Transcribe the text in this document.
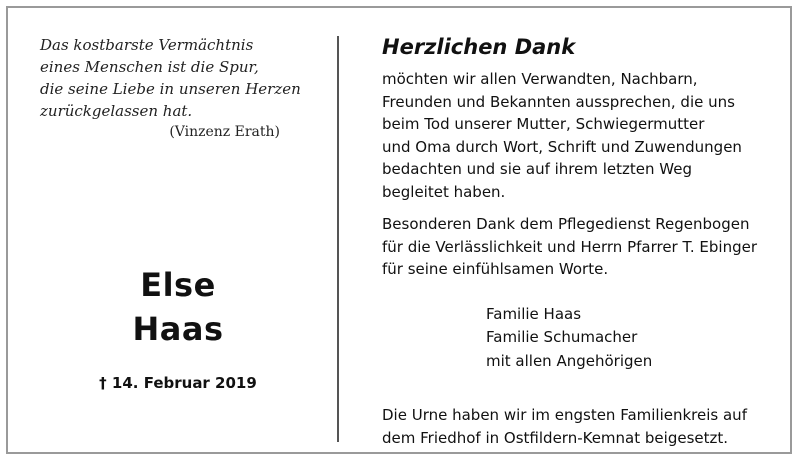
Das kostbarste Vermächtnis
eines Menschen ist die Spur,
die seine Liebe in unseren Herzen
zurückgelassen hat.
(Vinzenz Erath)
Else
Haas
† 14. Februar 2019
Herzlichen Dank

möchten wir allen Verwandten, Nachbarn,
Freunden und Bekannten aussprechen, die uns
beim Tod unserer Mutter, Schwiegermutter
und Oma durch Wort, Schrift und Zuwendungen
bedachten und sie auf ihrem letzten Weg
begleitet haben.

Besonderen Dank dem Pflegedienst Regenbogen
für die Verlässlichkeit und Herrn Pfarrer T. Ebinger
für seine einfühlsamen Worte.

Familie Haas
Familie Schumacher
mit allen Angehörigen

Die Urne haben wir im engsten Familienkreis auf
dem Friedhof in Ostfildern-Kemnat beigesetzt.
